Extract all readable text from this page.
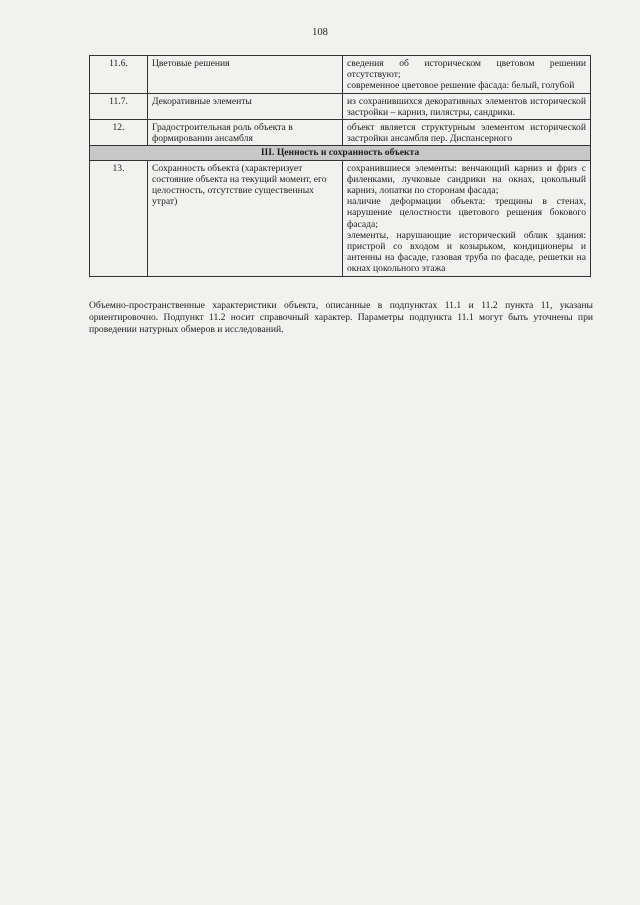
108
11.6.	Цветовые решения	сведения об историческом цветовом решении отсутствуют;
современное цветовое решение фасада: белый, голубой

11.7.	Декоративные элементы	из сохранившихся декоративных элементов исторической застройки – карниз, пилястры, сандрики.

12.	Градостроительная роль объекта в формировании ансамбля	объект является структурным элементом исторической застройки ансамбля пер. Диспансерного

III. Ценность и сохранность объекта		
13.	Сохранность объекта (характеризует состояние объекта на текущий момент, его целостность, отсутствие существенных утрат)	сохранившиеся элементы: венчающий карниз и фриз с филенками, лучковые сандрики на окнах, цокольный карниз, лопатки по сторонам фасада;
наличие деформации объекта: трещины в стенах, нарушение целостности цветового решения бокового фасада;
элементы, нарушающие исторический облик здания: пристрой со входом и козырьком, кондиционеры и антенны на фасаде, газовая труба по фасаде, решетки на окнах цокольного этажа
Объемно-пространственные характеристики объекта, описанные в подпунктах 11.1 и 11.2 пункта 11, указаны ориентировочно. Подпункт 11.2 носит справочный характер. Параметры подпункта 11.1 могут быть уточнены при проведении натурных обмеров и исследований.
